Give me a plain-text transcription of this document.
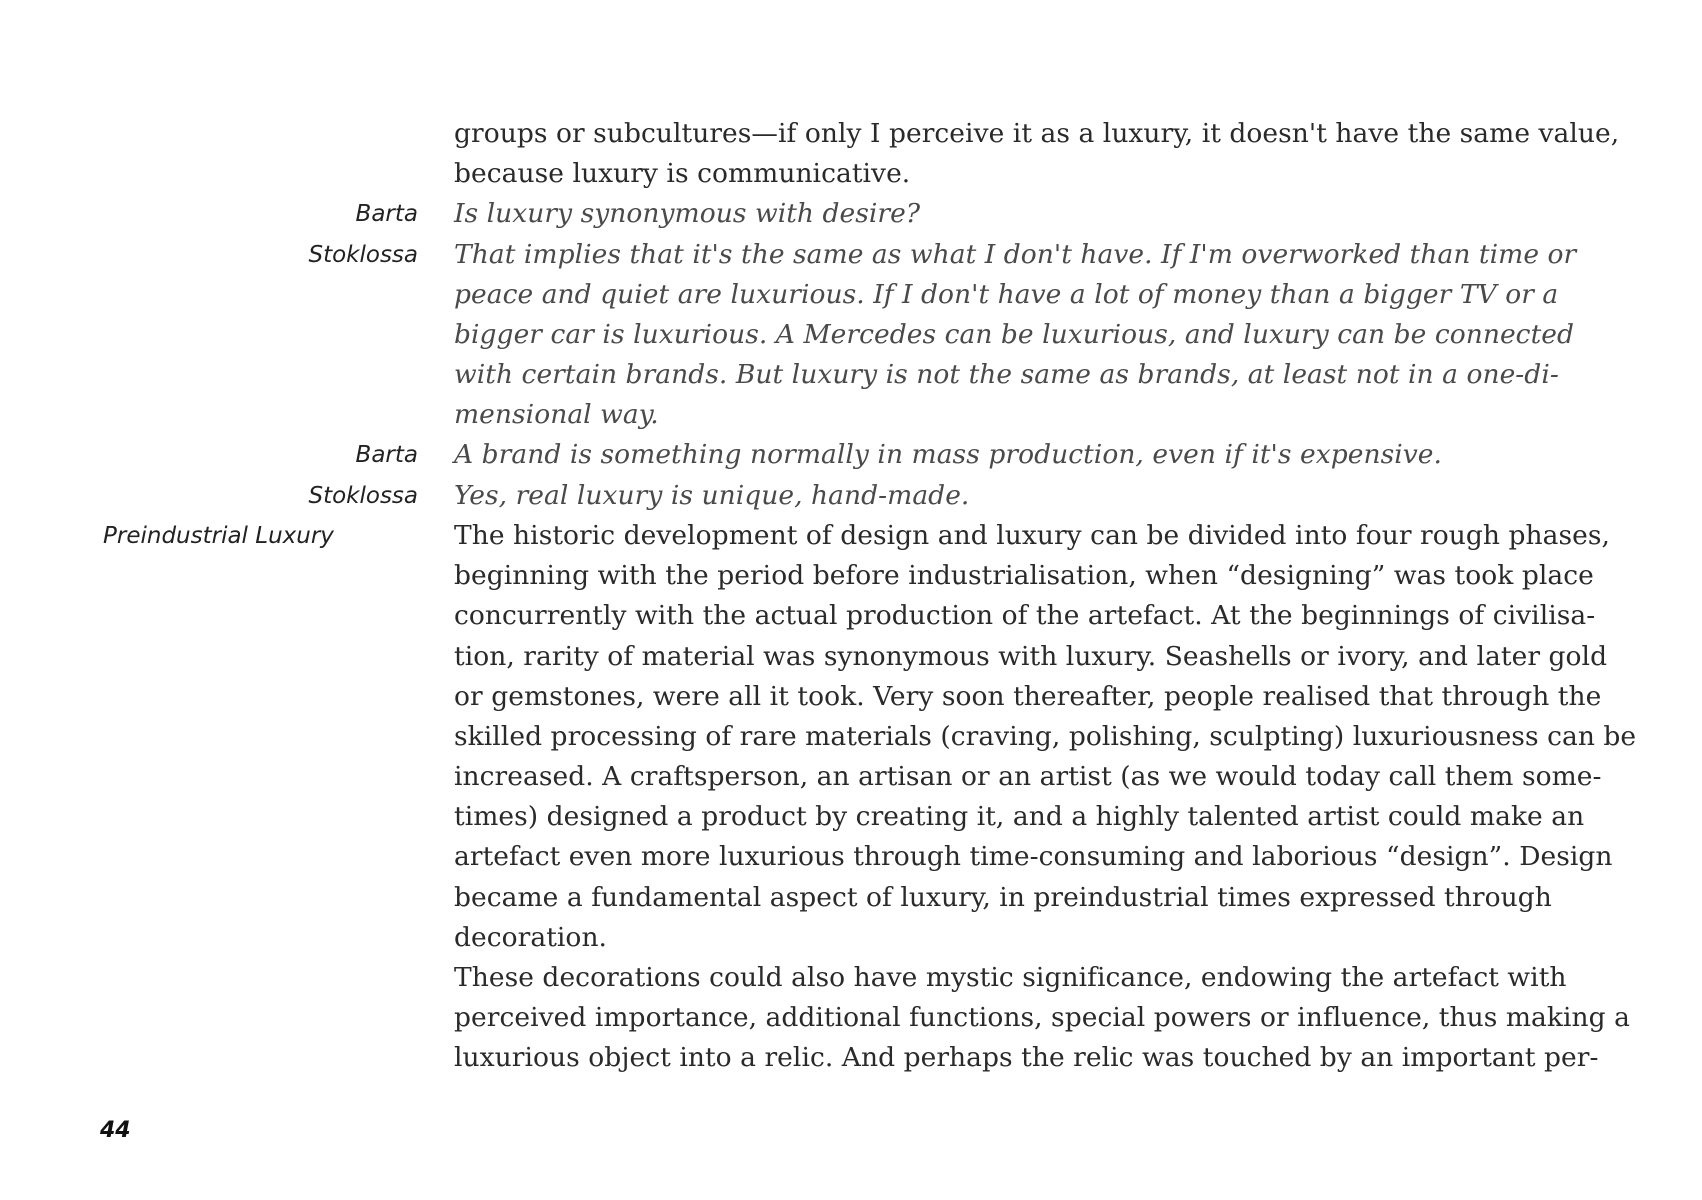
groups or subcultures—if only I perceive it as a luxury, it doesn't have the same value,
because luxury is communicative.
Barta Is luxury synonymous with desire?
Stoklossa That implies that it's the same as what I don't have. If I'm overworked than time or
peace and quiet are luxurious. If I don't have a lot of money than a bigger TV or a
bigger car is luxurious. A Mercedes can be luxurious, and luxury can be connected
with certain brands. But luxury is not the same as brands, at least not in a one-di-
mensional way.
Barta A brand is something normally in mass production, even if it's expensive.
Stoklossa Yes, real luxury is unique, hand-made.
Preindustrial Luxury	The historic development of design and luxury can be divided into four rough phases,
beginning with the period before industrialisation, when “designing” was took place
concurrently with the actual production of the artefact. At the beginnings of civilisa-
tion, rarity of material was synonymous with luxury. Seashells or ivory, and later gold
or gemstones, were all it took. Very soon thereafter, people realised that through the
skilled processing of rare materials (craving, polishing, sculpting) luxuriousness can be
increased. A craftsperson, an artisan or an artist (as we would today call them some-
times) designed a product by creating it, and a highly talented artist could make an
artefact even more luxurious through time-consuming and laborious “design”. Design
became a fundamental aspect of luxury, in preindustrial times expressed through
decoration.
These decorations could also have mystic significance, endowing the artefact with
perceived importance, additional functions, special powers or influence, thus making a
luxurious object into a relic. And perhaps the relic was touched by an important per-
44
